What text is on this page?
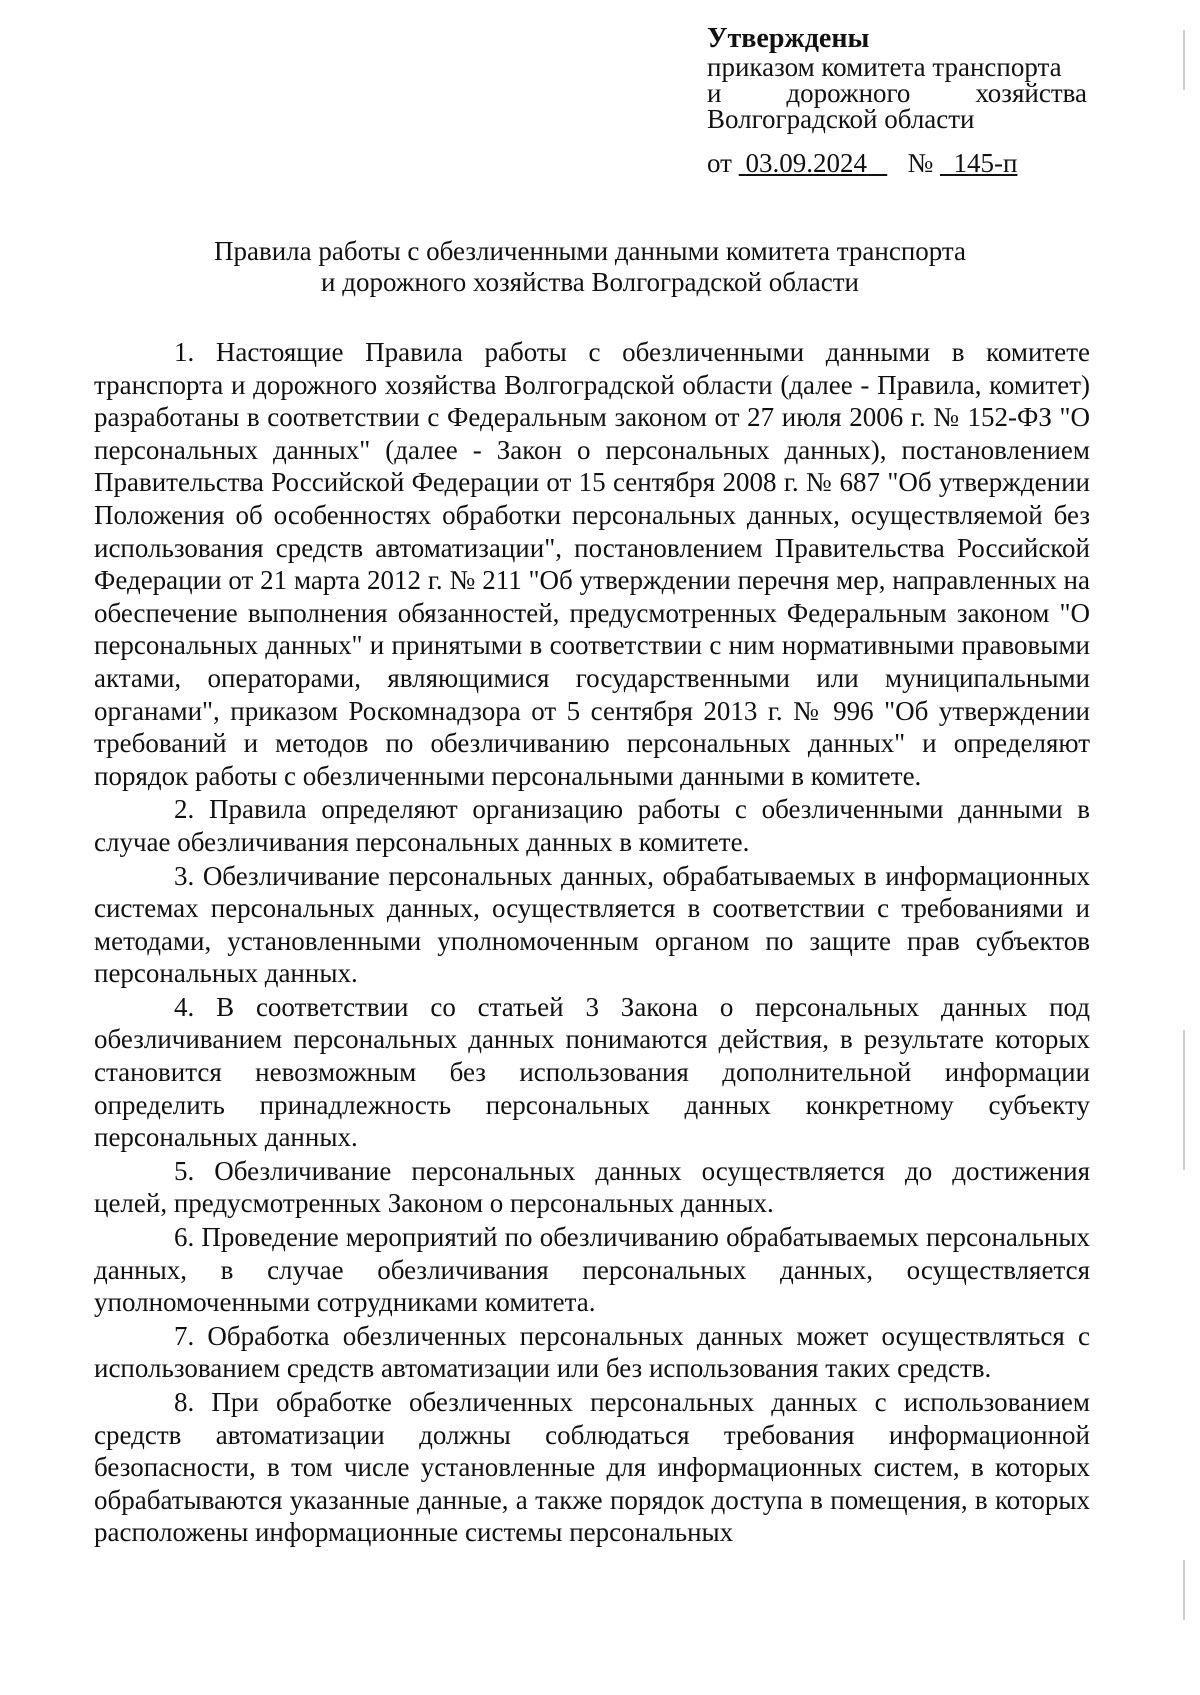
Утверждены
приказом комитета транспорта
и дорожного хозяйства
Волгоградской области
от 03.09.2024 № 145-п
Правила работы с обезличенными данными комитета транспорта
и дорожного хозяйства Волгоградской области

1. Настоящие Правила работы с обезличенными данными в комитете транспорта и дорожного хозяйства Волгоградской области (далее - Правила, комитет) разработаны в соответствии с Федеральным законом от 27 июля 2006 г. № 152-ФЗ "О персональных данных" (далее - Закон о персональных данных), постановлением Правительства Российской Федерации от 15 сентября 2008 г. № 687 "Об утверждении Положения об особенностях обработки персональных данных, осуществляемой без использования средств автоматизации", постановлением Правительства Российской Федерации от 21 марта 2012 г. № 211 "Об утверждении перечня мер, направленных на обеспечение выполнения обязанностей, предусмотренных Федеральным законом "О персональных данных" и принятыми в соответствии с ним нормативными правовыми актами, операторами, являющимися государственными или муниципальными органами", приказом Роскомнадзора от 5 сентября 2013 г. № 996 "Об утверждении требований и методов по обезличиванию персональных данных" и определяют порядок работы с обезличенными персональными данными в комитете.

2. Правила определяют организацию работы с обезличенными данными в случае обезличивания персональных данных в комитете.

3. Обезличивание персональных данных, обрабатываемых в информационных системах персональных данных, осуществляется в соответствии с требованиями и методами, установленными уполномоченным органом по защите прав субъектов персональных данных.

4. В соответствии со статьей 3 Закона о персональных данных под обезличиванием персональных данных понимаются действия, в результате которых становится невозможным без использования дополнительной информации определить принадлежность персональных данных конкретному субъекту персональных данных.

5. Обезличивание персональных данных осуществляется до достижения целей, предусмотренных Законом о персональных данных.

6. Проведение мероприятий по обезличиванию обрабатываемых персональных данных, в случае обезличивания персональных данных, осуществляется уполномоченными сотрудниками комитета.

7. Обработка обезличенных персональных данных может осуществляться с использованием средств автоматизации или без использования таких средств.

8. При обработке обезличенных персональных данных с использованием средств автоматизации должны соблюдаться требования информационной безопасности, в том числе установленные для информационных систем, в которых обрабатываются указанные данные, а также порядок доступа в помещения, в которых расположены информационные системы персональных
